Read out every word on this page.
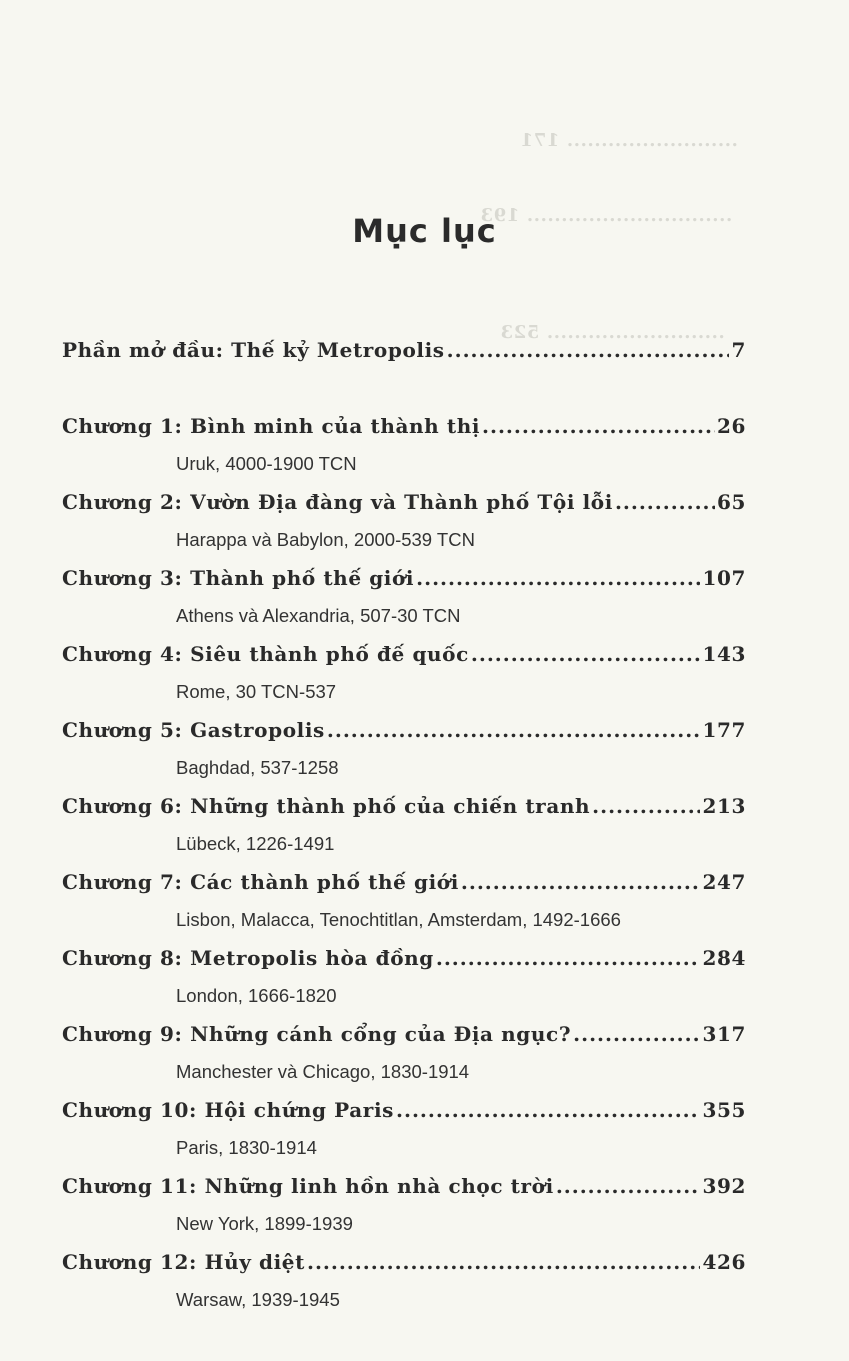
......................... 171
.............................. 193
.......................... 523
Mục lục
Phần mở đầu: Thế kỷ Metropolis .....	7
Chương 1: Bình minh của thành thị .....	26
Uruk, 4000-1900 TCN
Chương 2: Vườn Địa đàng và Thành phố Tội lỗi .....	65
Harappa và Babylon, 2000-539 TCN
Chương 3: Thành phố thế giới .....	107
Athens và Alexandria, 507-30 TCN
Chương 4: Siêu thành phố đế quốc .....	143
Rome, 30 TCN-537
Chương 5: Gastropolis .....	177
Baghdad, 537-1258
Chương 6: Những thành phố của chiến tranh .....	213
Lübeck, 1226-1491
Chương 7: Các thành phố thế giới .....	247
Lisbon, Malacca, Tenochtitlan, Amsterdam, 1492-1666
Chương 8: Metropolis hòa đồng .....	284
London, 1666-1820
Chương 9: Những cánh cổng của Địa ngục? .....	317
Manchester và Chicago, 1830-1914
Chương 10: Hội chứng Paris .....	355
Paris, 1830-1914
Chương 11: Những linh hồn nhà chọc trời .....	392
New York, 1899-1939
Chương 12: Hủy diệt .....	426
Warsaw, 1939-1945
